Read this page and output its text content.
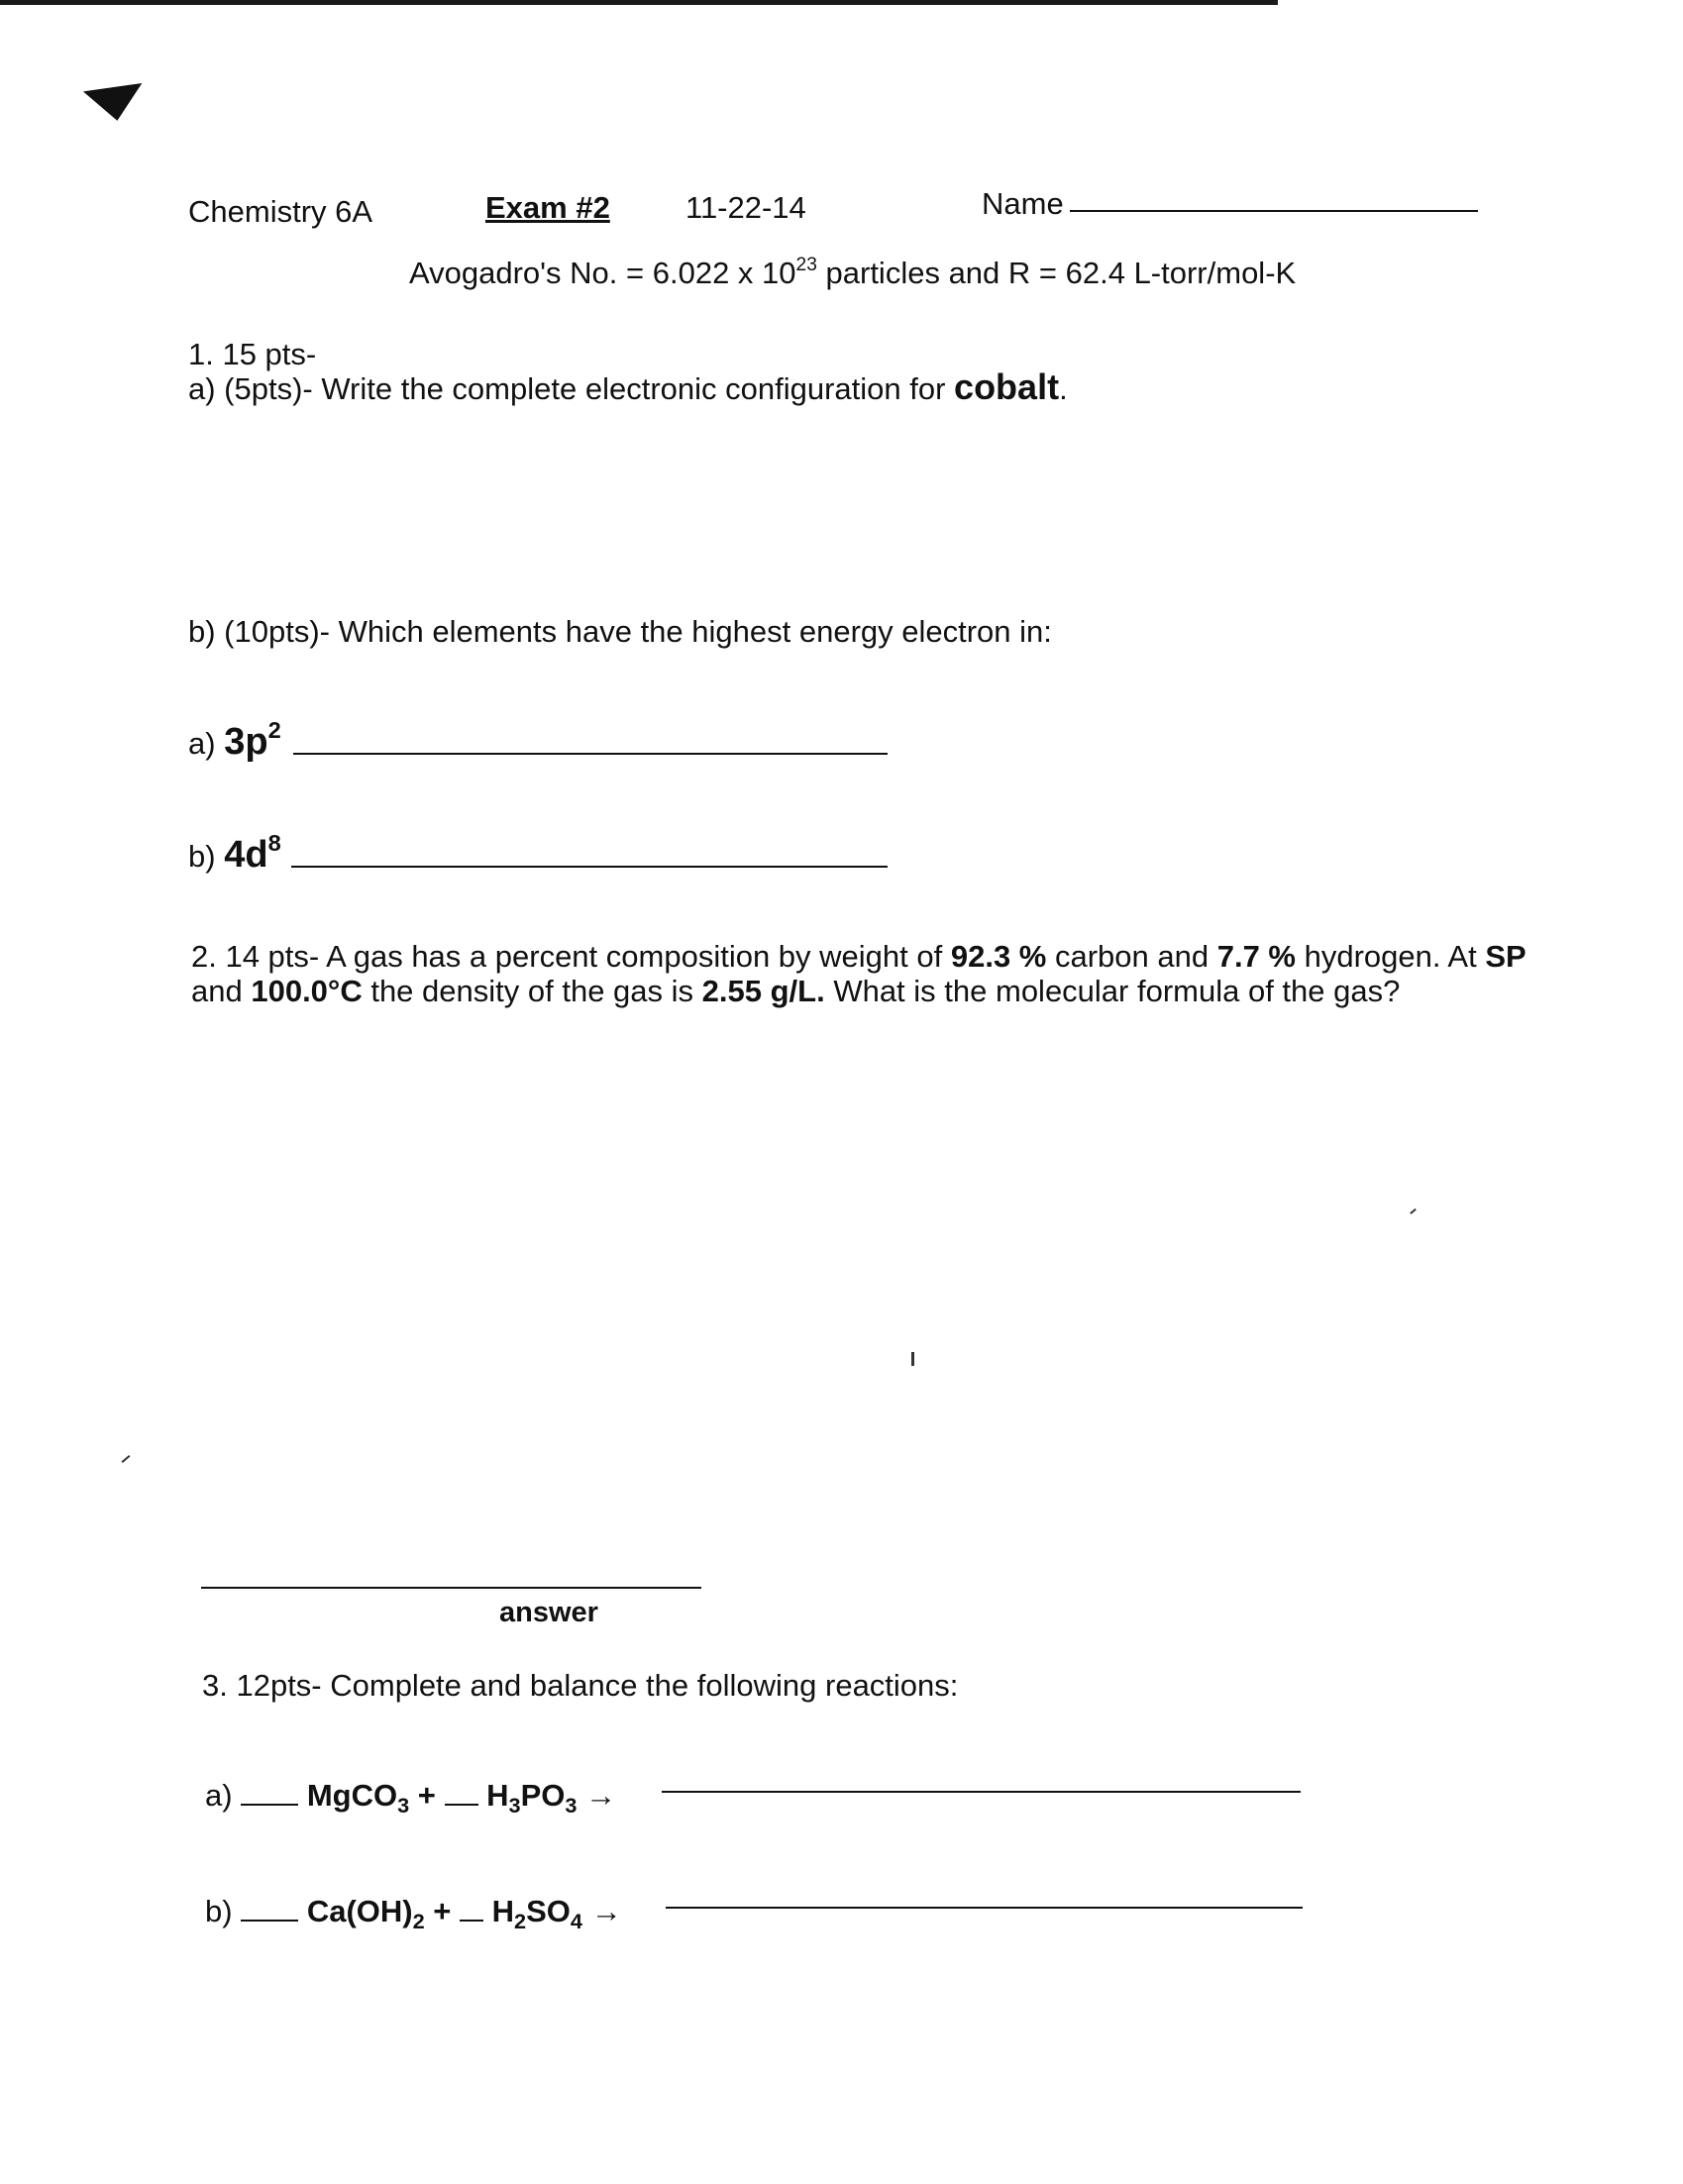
Chemistry 6A	Exam #2 11-22-14	Name
Avogadro's No. = 6.022 x $10^{23}$ particles and R = 62.4 L-torr/mol-K
1. 15 pts-
a) (5pts)- Write the complete electronic configuration for cobalt.
b) (10pts)- Which elements have the highest energy electron in:
a) $3p^2$
b) $4d^8$
2. 14 pts- A gas has a percent composition by weight of 92.3 % carbon and 7.7 % hydrogen. At SP
and 100.0°C the density of the gas is 2.55 g/L. What is the molecular formula of the gas?
answer
3. 12pts- Complete and balance the following reactions:
a) MgCO$_3$ +  $H_3PO_3$ →
b) $Ca(OH)_2 + H_2SO_4$ →
